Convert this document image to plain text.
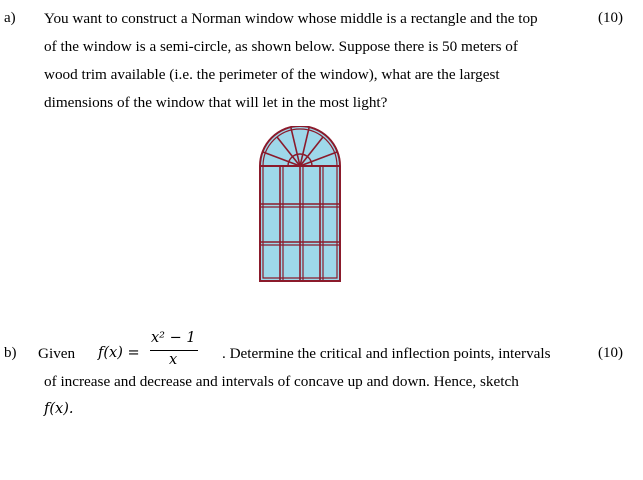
a)	(10)
You want to construct a Norman window whose middle is a rectangle and the top
of the window is a semi-circle, as shown below. Suppose there is 50 meters of
wood trim available (i.e. the perimeter of the window), what are the largest
dimensions of the window that will let in the most light?
b)	(10)
Given f(x) =
x² − 1
x	. Determine the critical and inflection points, intervals
of increase and decrease and intervals of concave up and down. Hence, sketch
f(x).
